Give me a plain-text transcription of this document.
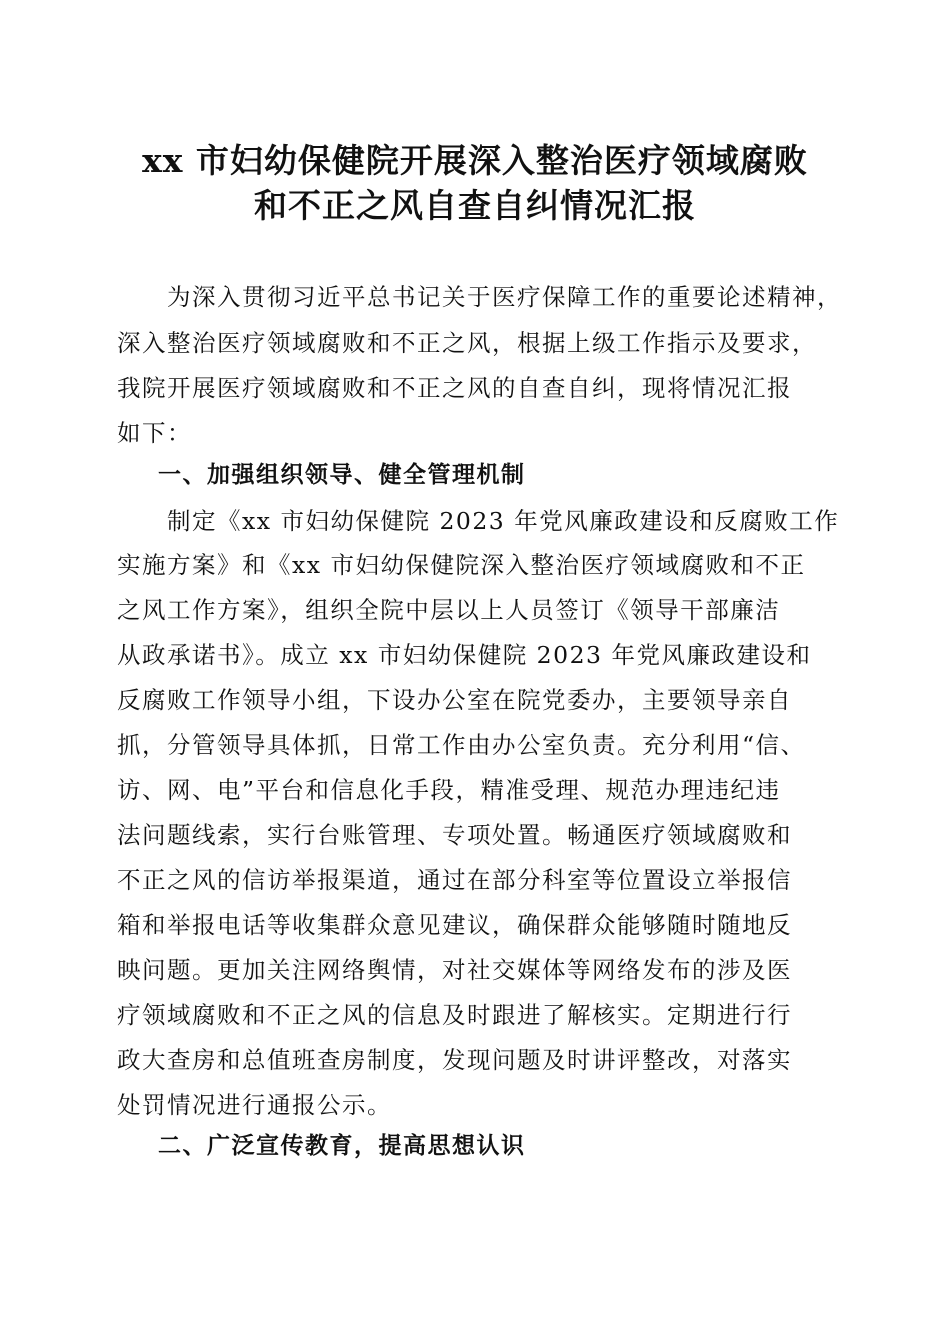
xx 市妇幼保健院开展深入整治医疗领域腐败
和不正之风自查自纠情况汇报
　　为深入贯彻习近平总书记关于医疗保障工作的重要论述精神，
深入整治医疗领域腐败和不正之风，根据上级工作指示及要求，
我院开展医疗领域腐败和不正之风的自查自纠，现将情况汇报
如下：
一、加强组织领导、健全管理机制
　　制定《xx 市妇幼保健院 2023 年党风廉政建设和反腐败工作
实施方案》和《xx 市妇幼保健院深入整治医疗领域腐败和不正
之风工作方案》，组织全院中层以上人员签订《领导干部廉洁
从政承诺书》。成立 xx 市妇幼保健院 2023 年党风廉政建设和
反腐败工作领导小组，下设办公室在院党委办，主要领导亲自
抓，分管领导具体抓，日常工作由办公室负责。充分利用“信、
访、网、电”平台和信息化手段，精准受理、规范办理违纪违
法问题线索，实行台账管理、专项处置。畅通医疗领域腐败和
不正之风的信访举报渠道，通过在部分科室等位置设立举报信
箱和举报电话等收集群众意见建议，确保群众能够随时随地反
映问题。更加关注网络舆情，对社交媒体等网络发布的涉及医
疗领域腐败和不正之风的信息及时跟进了解核实。定期进行行
政大查房和总值班查房制度，发现问题及时讲评整改，对落实
处罚情况进行通报公示。
二、广泛宣传教育，提高思想认识
